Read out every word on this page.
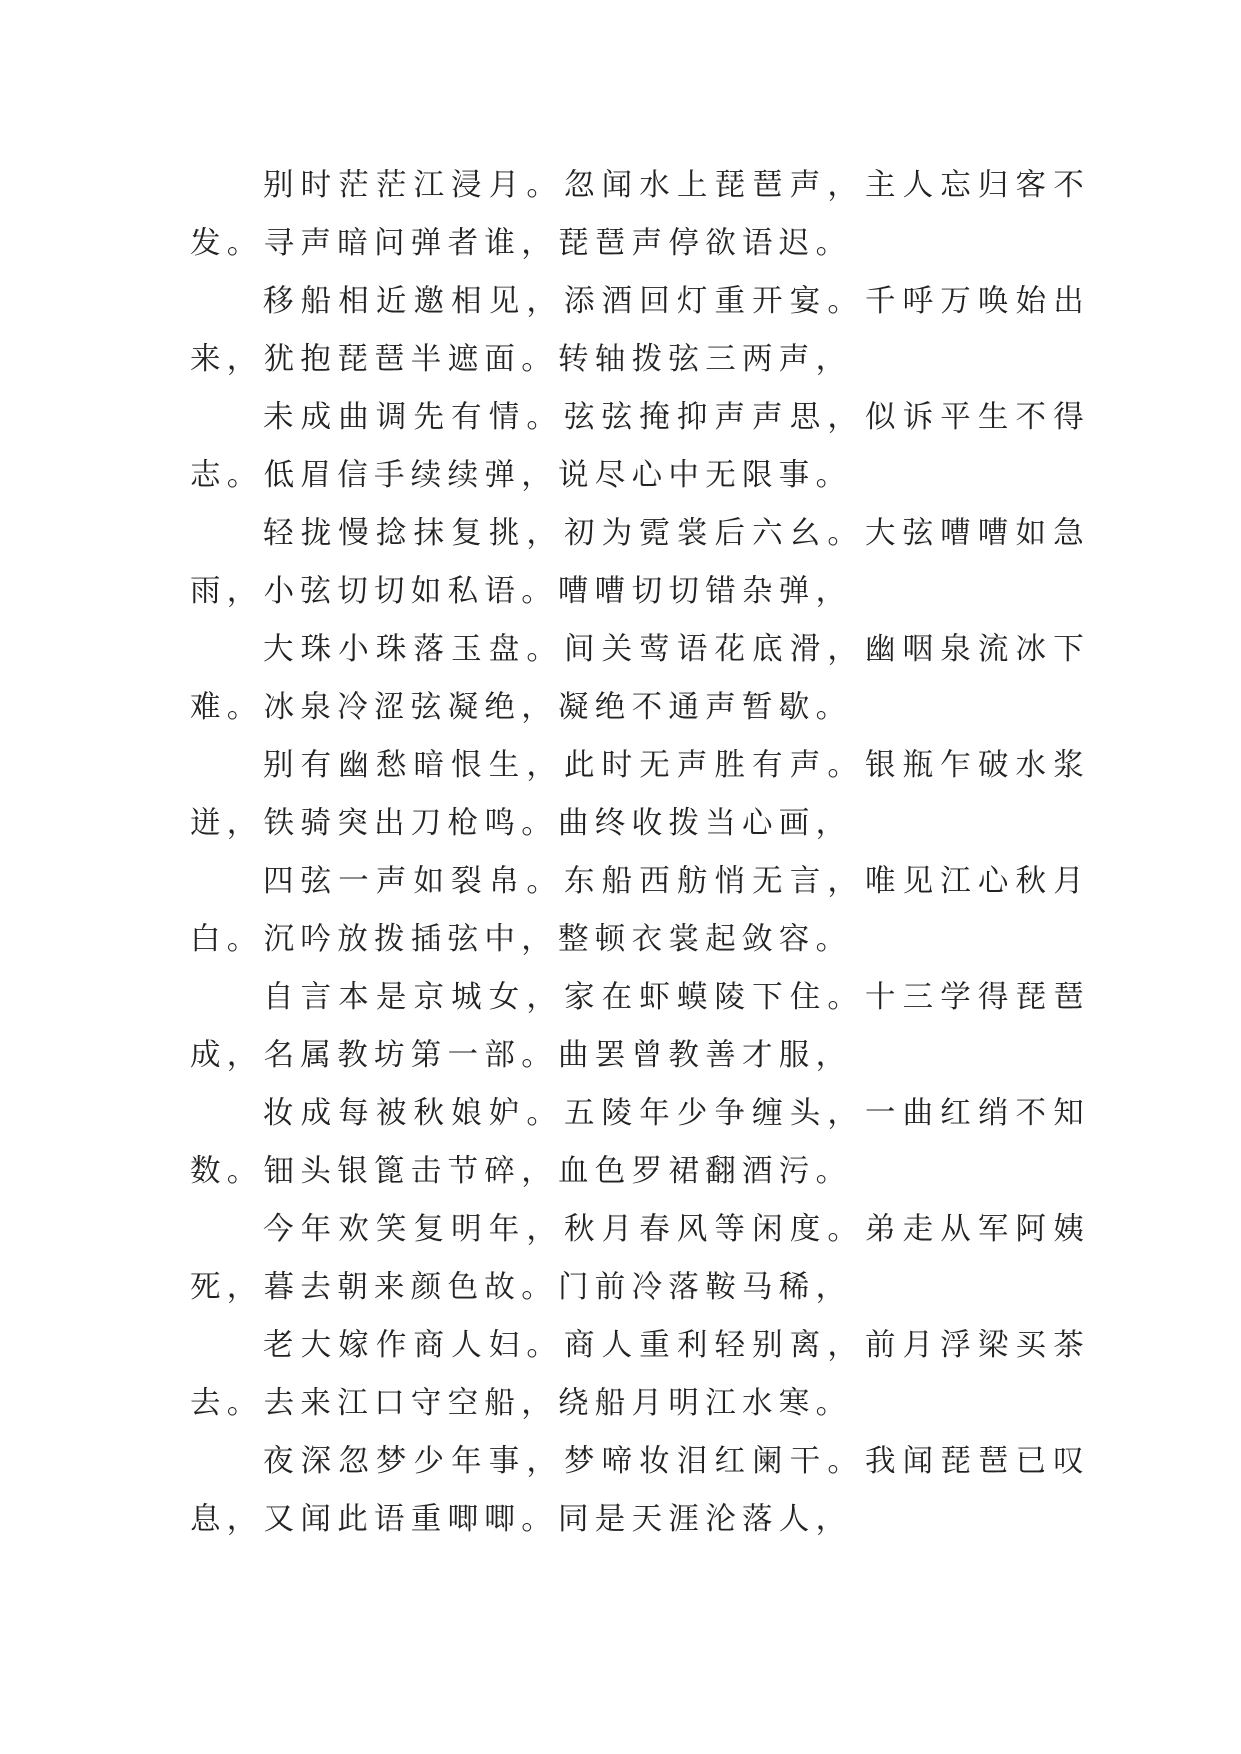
别时茫茫江浸月。忽闻水上琵琶声，主人忘归客不发。寻声暗问弹者谁，琵琶声停欲语迟。

移船相近邀相见，添酒回灯重开宴。千呼万唤始出来，犹抱琵琶半遮面。转轴拨弦三两声，

未成曲调先有情。弦弦掩抑声声思，似诉平生不得志。低眉信手续续弹，说尽心中无限事。

轻拢慢捻抹复挑，初为霓裳后六幺。大弦嘈嘈如急雨，小弦切切如私语。嘈嘈切切错杂弹，

大珠小珠落玉盘。间关莺语花底滑，幽咽泉流冰下难。冰泉冷涩弦凝绝，凝绝不通声暂歇。

别有幽愁暗恨生，此时无声胜有声。银瓶乍破水浆迸，铁骑突出刀枪鸣。曲终收拨当心画，

四弦一声如裂帛。东船西舫悄无言，唯见江心秋月白。沉吟放拨插弦中，整顿衣裳起敛容。

自言本是京城女，家在虾蟆陵下住。十三学得琵琶成，名属教坊第一部。曲罢曾教善才服，

妆成每被秋娘妒。五陵年少争缠头，一曲红绡不知数。钿头银篦击节碎，血色罗裙翻酒污。

今年欢笑复明年，秋月春风等闲度。弟走从军阿姨死，暮去朝来颜色故。门前冷落鞍马稀，

老大嫁作商人妇。商人重利轻别离，前月浮梁买茶去。去来江口守空船，绕船月明江水寒。

夜深忽梦少年事，梦啼妆泪红阑干。我闻琵琶已叹息，又闻此语重唧唧。同是天涯沦落人，
